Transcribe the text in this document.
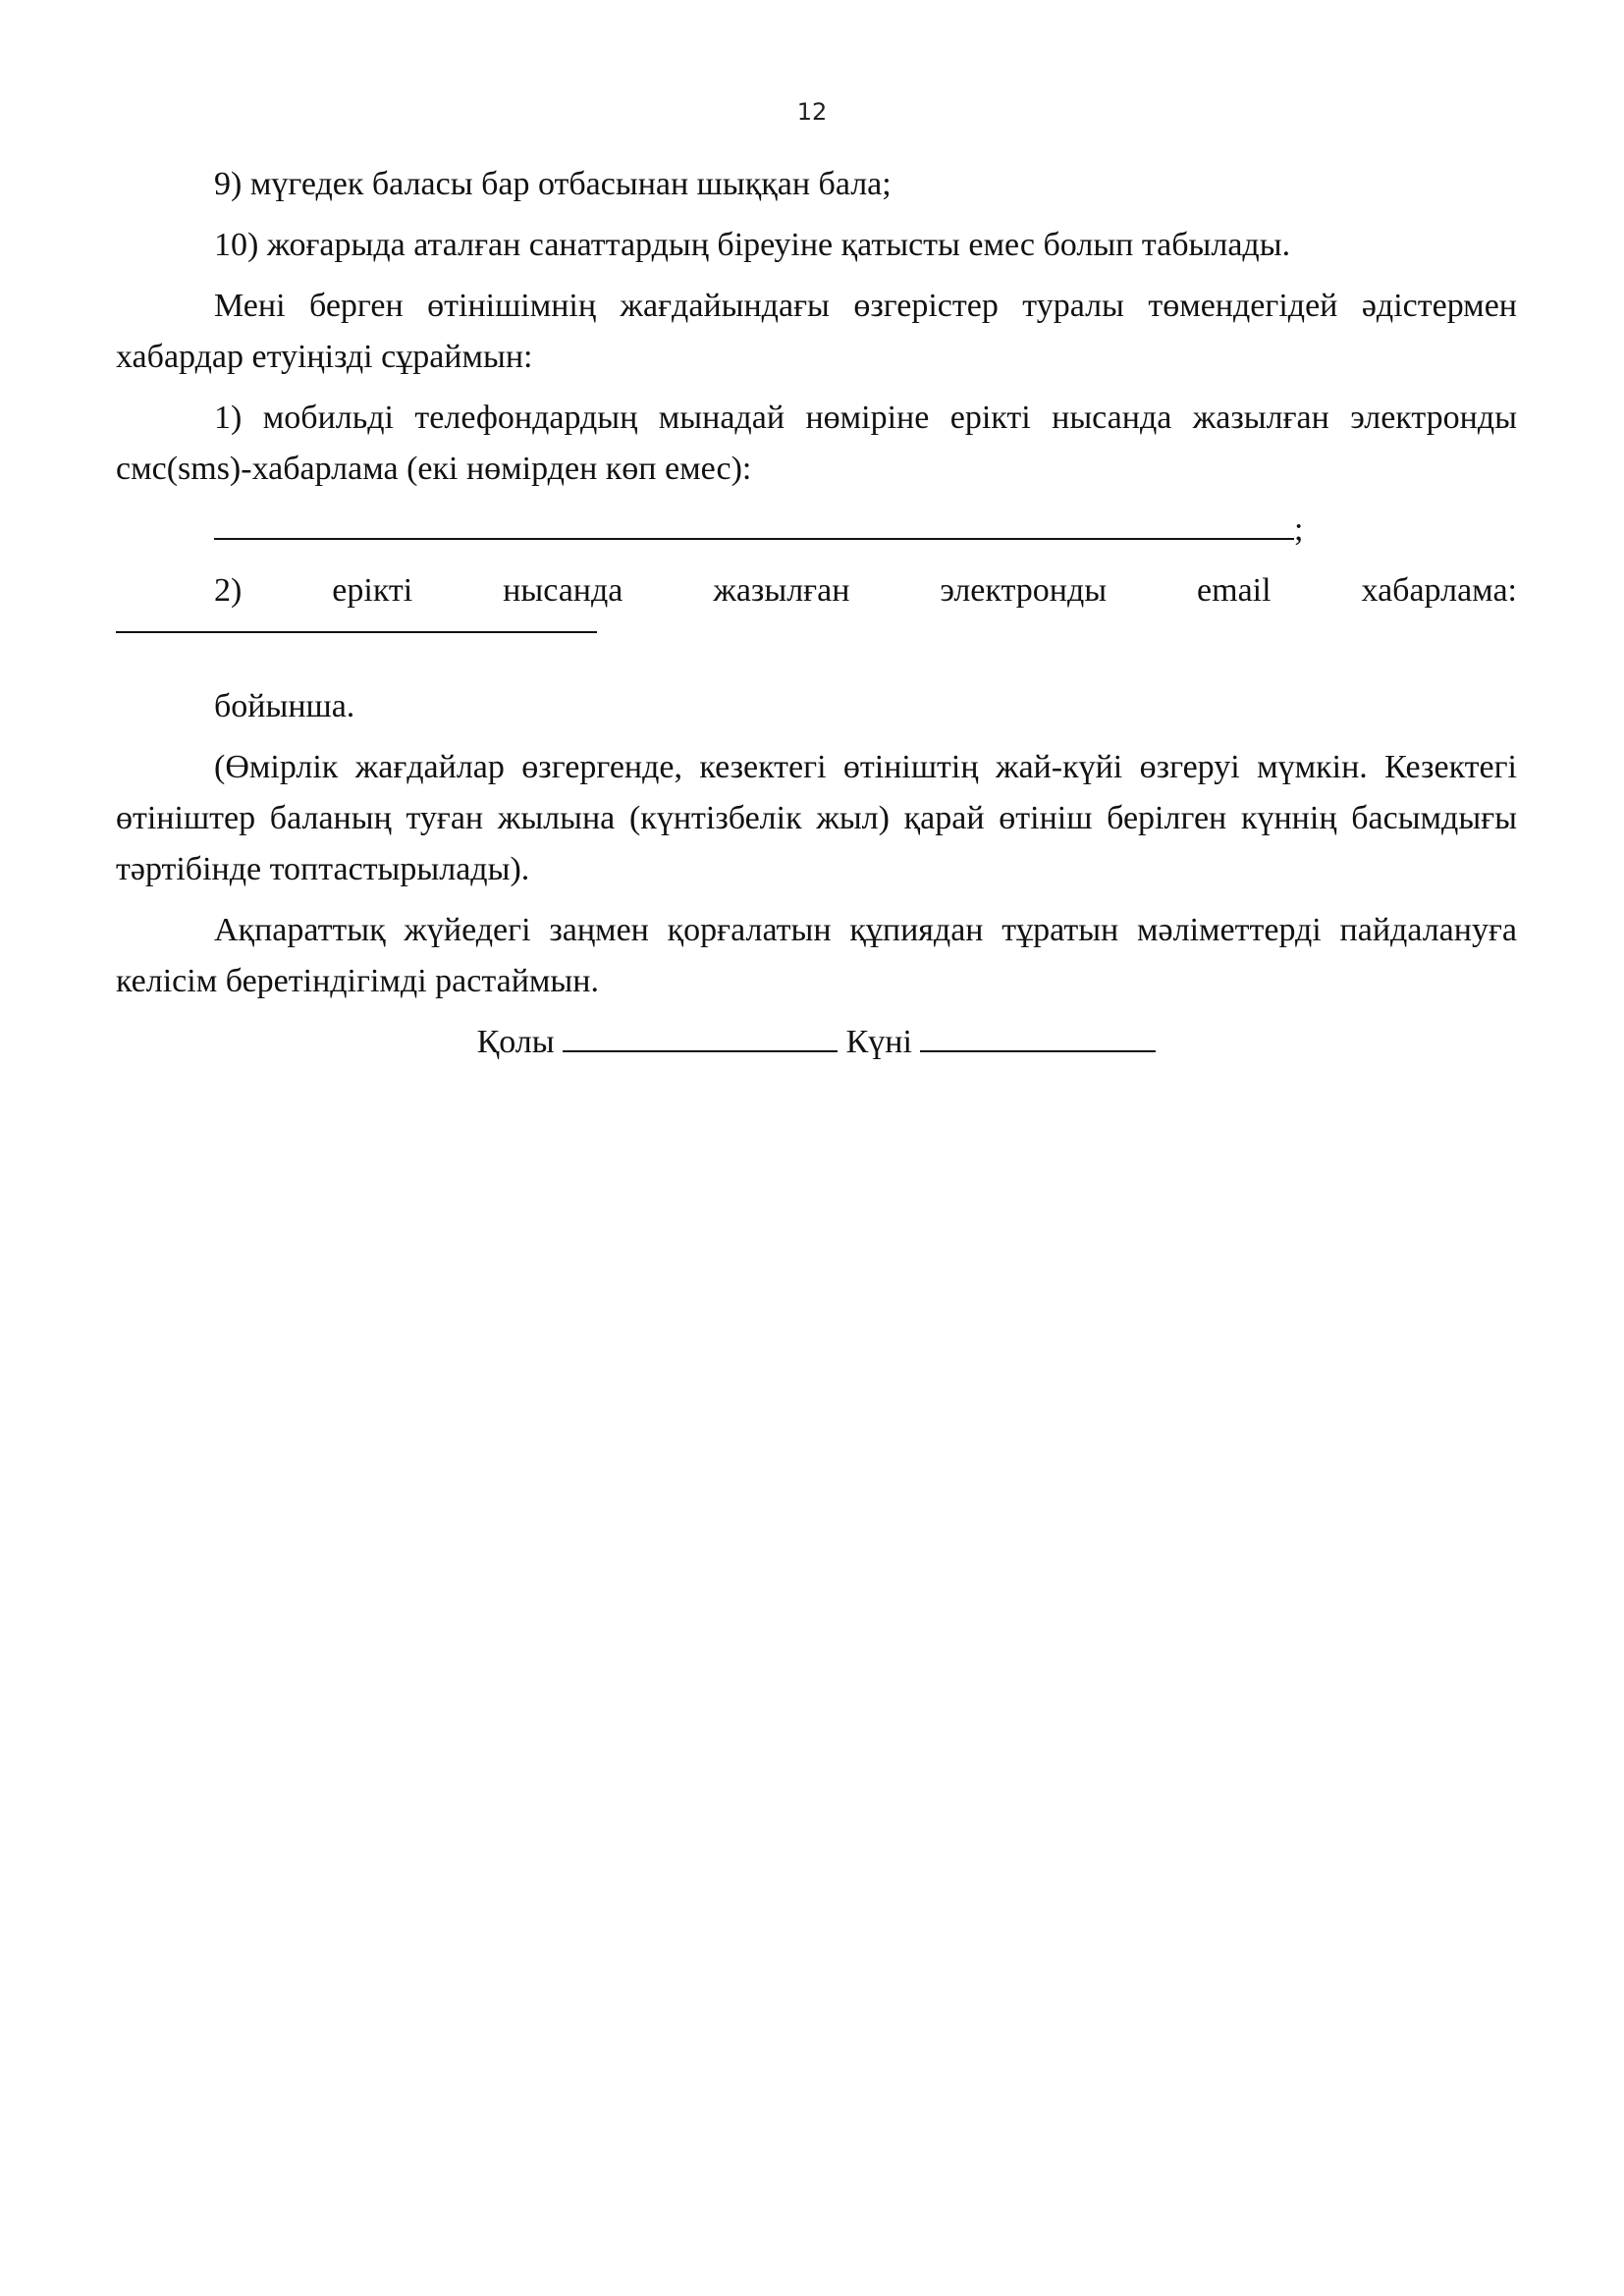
12

9) мүгедек баласы бар отбасынан шыққан бала;

10) жоғарыда аталған санаттардың біреуіне қатысты емес болып табылады.

Мені берген өтінішімнің жағдайындағы өзгерістер туралы төмендегідей әдістермен хабардар етуіңізді сұраймын:

1) мобильді телефондардың мынадай нөміріне ерікті нысанда жазылған электронды смс(sms)-хабарлама (екі нөмірден көп емес):

;

2) ерікті нысанда жазылған электронды email хабарлама:

бойынша.

(Өмірлік жағдайлар өзгергенде, кезектегі өтініштің жай-күйі өзгеруі мүмкін. Кезектегі өтініштер баланың туған жылына (күнтізбелік жыл) қарай өтініш берілген күннің басымдығы тәртібінде топтастырылады).

Ақпараттық жүйедегі заңмен қорғалатын құпиядан тұратын мәліметтерді пайдалануға келісім беретіндігімді растаймын.

Қолы	Күні
